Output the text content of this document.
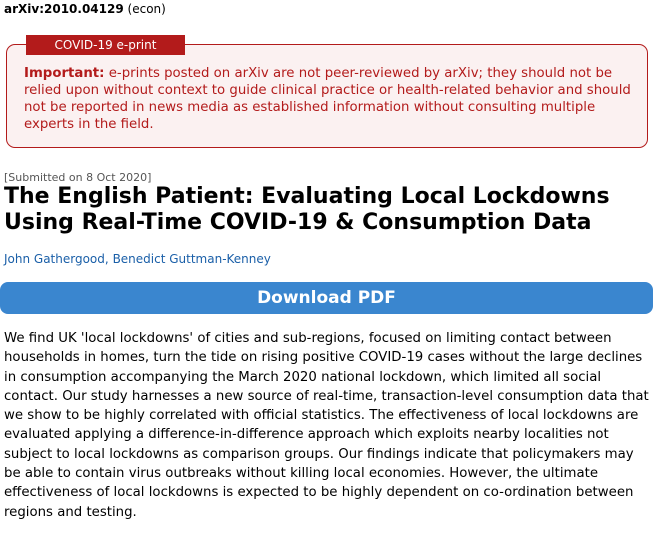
arXiv:2010.04129 (econ)
COVID-19 e-print
Important: e-prints posted on arXiv are not peer-reviewed by arXiv; they should not be relied upon without context to guide clinical practice or health-related behavior and should not be reported in news media as established information without consulting multiple experts in the field.
[Submitted on 8 Oct 2020]
The English Patient: Evaluating Local Lockdowns Using Real-Time COVID-19 & Consumption Data
John Gathergood, Benedict Guttman-Kenney
Download PDF

We find UK 'local lockdowns' of cities and sub-regions, focused on limiting contact between households in homes, turn the tide on rising positive COVID-19 cases without the large declines in consumption accompanying the March 2020 national lockdown, which limited all social contact. Our study harnesses a new source of real-time, transaction-level consumption data that we show to be highly correlated with official statistics. The effectiveness of local lockdowns are evaluated applying a difference-in-difference approach which exploits nearby localities not subject to local lockdowns as comparison groups. Our findings indicate that policymakers may be able to contain virus outbreaks without killing local economies. However, the ultimate effectiveness of local lockdowns is expected to be highly dependent on co-ordination between regions and testing.
